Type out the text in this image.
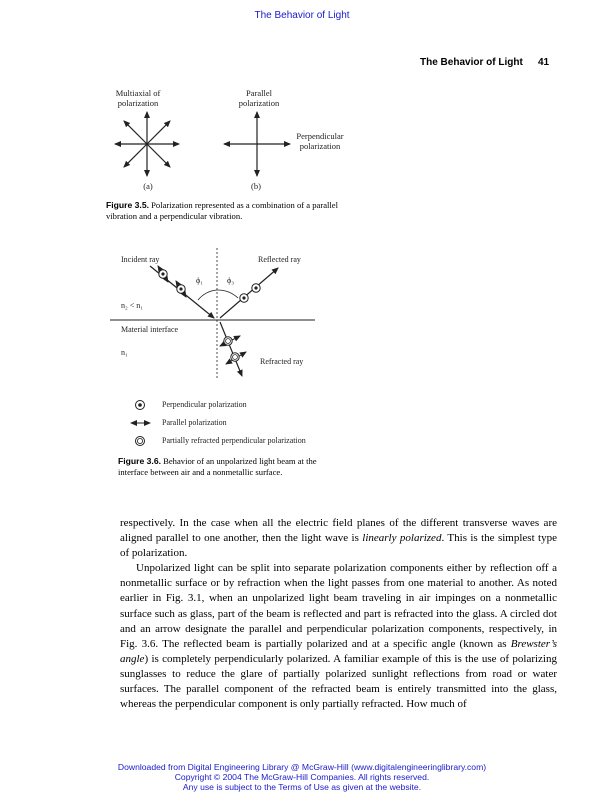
The Behavior of Light
The Behavior of Light 41
Multiaxial of
polarization
Parallel
polarization
Perpendicular
polarization
(a)	(b)
Figure 3.5. Polarization represented as a combination of a parallel vibration and a perpendicular vibration.
Incident ray	Reflected ray
ϕ₁	ϕ₃
n₂ < n₁
Material interface
n₁
Refracted ray
Perpendicular polarization
Parallel polarization
Partially refracted perpendicular polarization
Figure 3.6. Behavior of an unpolarized light beam at the interface between air and a nonmetallic surface.

respectively. In the case when all the electric field planes of the different transverse waves are aligned parallel to one another, then the light wave is linearly polarized. This is the simplest type of polarization.

Unpolarized light can be split into separate polarization components either by reflection off a nonmetallic surface or by refraction when the light passes from one material to another. As noted earlier in Fig. 3.1, when an unpolarized light beam traveling in air impinges on a nonmetallic surface such as glass, part of the beam is reflected and part is refracted into the glass. A circled dot and an arrow designate the parallel and perpendicular polarization components, respectively, in Fig. 3.6. The reflected beam is partially polarized and at a specific angle (known as Brewster’s angle) is completely perpendicularly polarized. A familiar example of this is the use of polarizing sunglasses to reduce the glare of partially polarized sunlight reflections from road or water surfaces. The parallel component of the refracted beam is entirely transmitted into the glass, whereas the perpendicular component is only partially refracted. How much of

Downloaded from Digital Engineering Library @ McGraw-Hill (www.digitalengineeringlibrary.com)
Copyright © 2004 The McGraw-Hill Companies. All rights reserved.
Any use is subject to the Terms of Use as given at the website.
